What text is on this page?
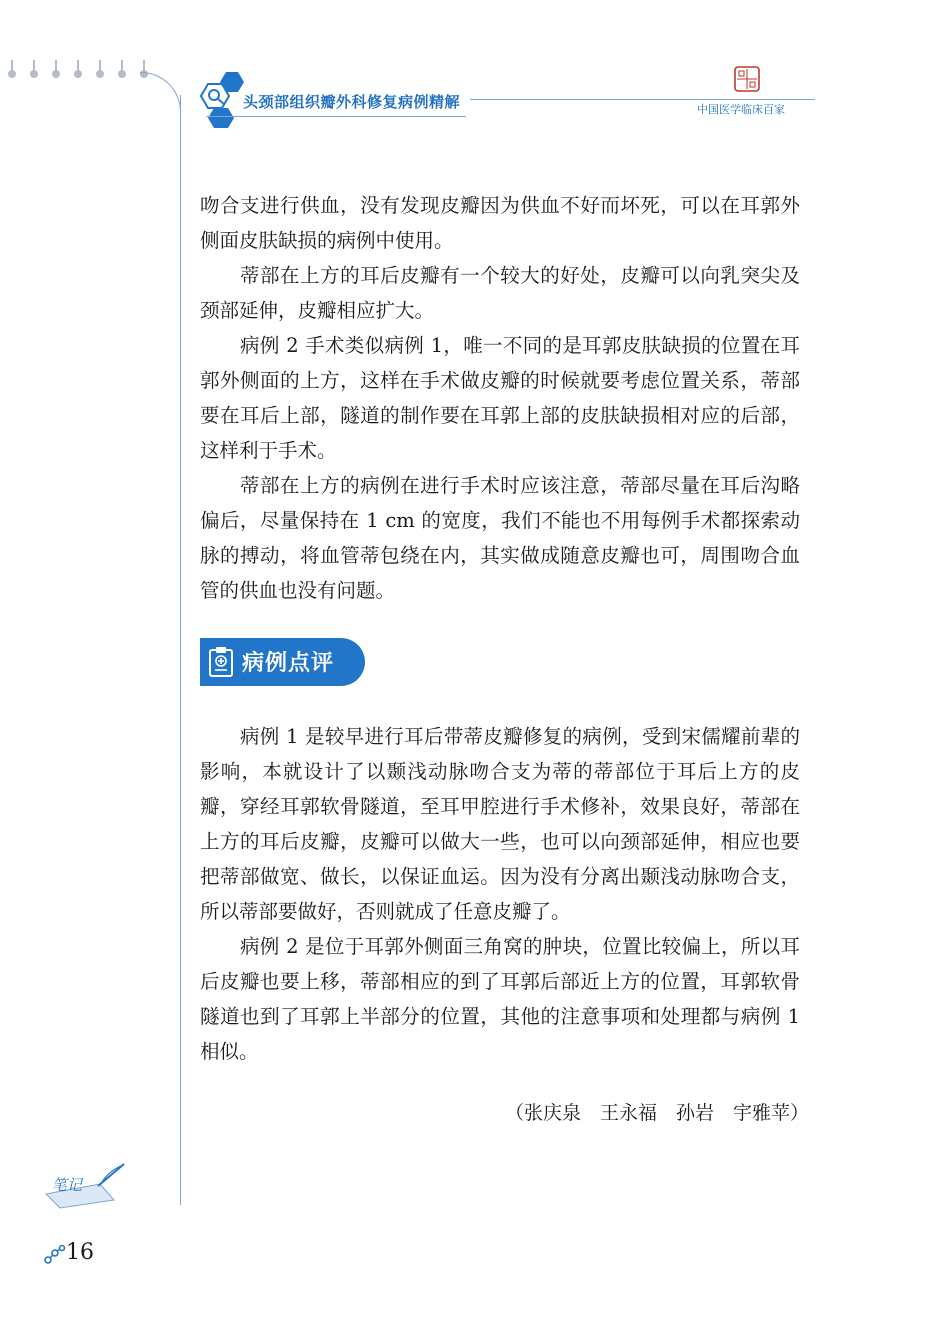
头颈部组织瓣外科修复病例精解	中国医学临床百家

吻合支进行供血，没有发现皮瓣因为供血不好而坏死，可以在耳郭外侧面皮肤缺损的病例中使用。

蒂部在上方的耳后皮瓣有一个较大的好处，皮瓣可以向乳突尖及颈部延伸，皮瓣相应扩大。

病例 2 手术类似病例 1，唯一不同的是耳郭皮肤缺损的位置在耳郭外侧面的上方，这样在手术做皮瓣的时候就要考虑位置关系，蒂部要在耳后上部，隧道的制作要在耳郭上部的皮肤缺损相对应的后部，这样利于手术。

蒂部在上方的病例在进行手术时应该注意，蒂部尽量在耳后沟略偏后，尽量保持在 1 cm 的宽度，我们不能也不用每例手术都探索动脉的搏动，将血管蒂包绕在内，其实做成随意皮瓣也可，周围吻合血管的供血也没有问题。

病例点评

病例 1 是较早进行耳后带蒂皮瓣修复的病例，受到宋儒耀前辈的影响，本就设计了以颞浅动脉吻合支为蒂的蒂部位于耳后上方的皮瓣，穿经耳郭软骨隧道，至耳甲腔进行手术修补，效果良好，蒂部在上方的耳后皮瓣，皮瓣可以做大一些，也可以向颈部延伸，相应也要把蒂部做宽、做长，以保证血运。因为没有分离出颞浅动脉吻合支，所以蒂部要做好，否则就成了任意皮瓣了。

病例 2 是位于耳郭外侧面三角窝的肿块，位置比较偏上，所以耳后皮瓣也要上移，蒂部相应的到了耳郭后部近上方的位置，耳郭软骨隧道也到了耳郭上半部分的位置，其他的注意事项和处理都与病例 1 相似。

（张庆泉　王永福　孙岩　宇雅苹）
笔记
16
